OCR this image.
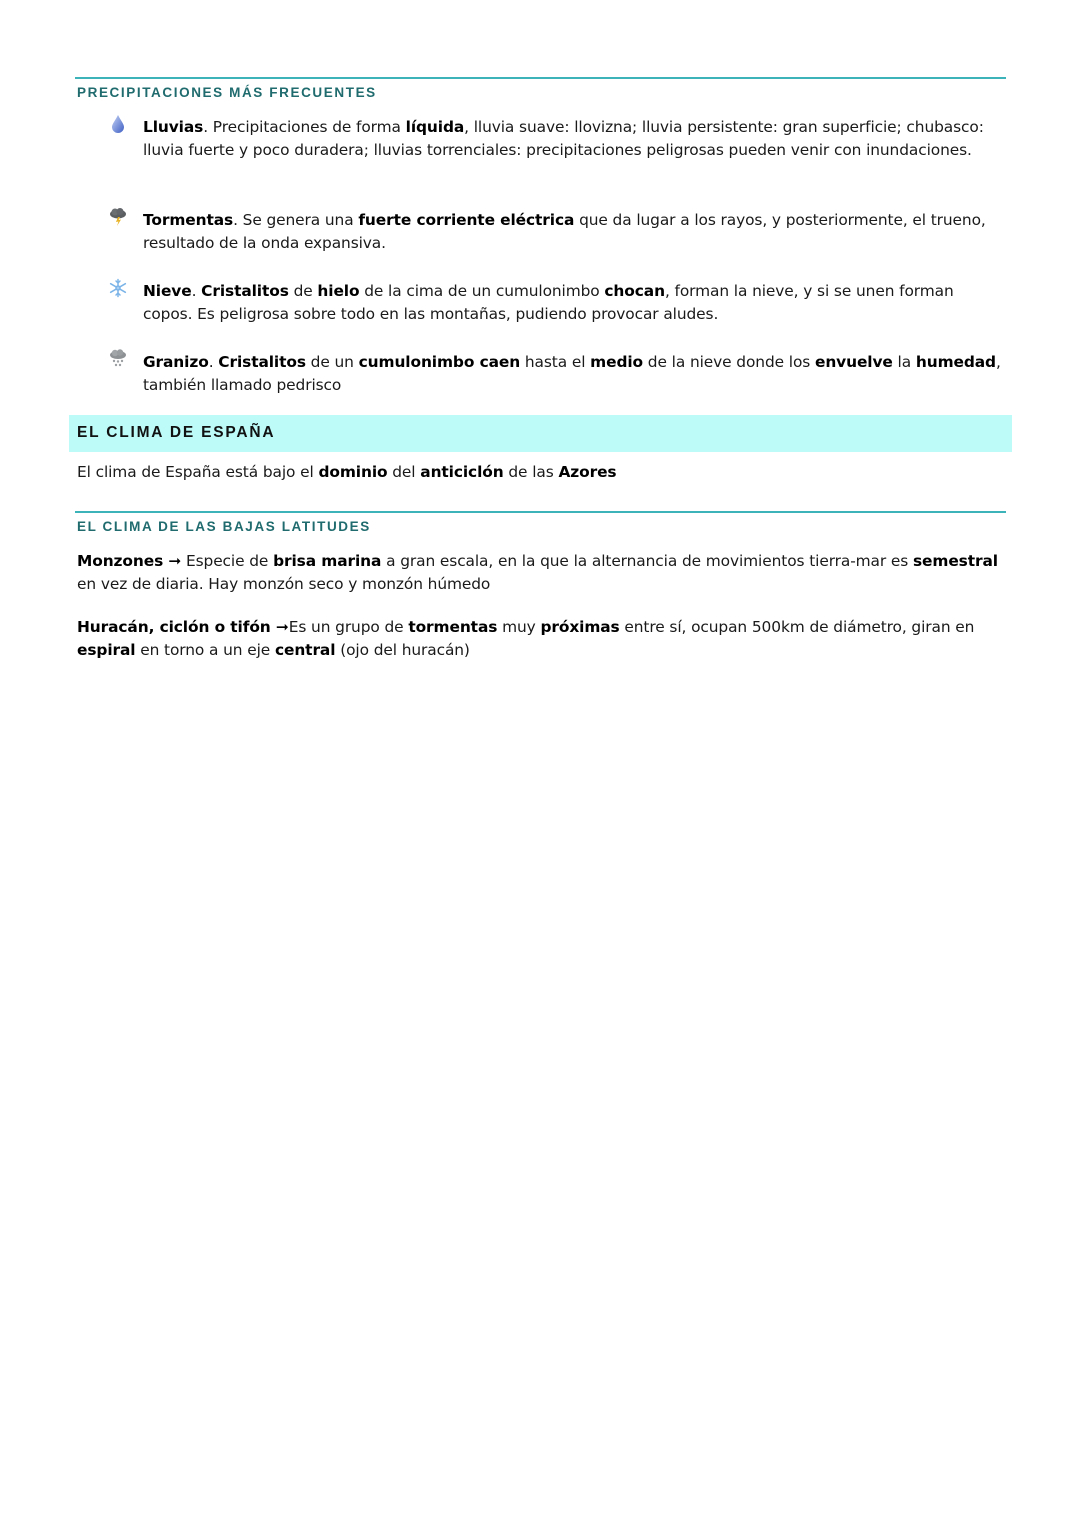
PRECIPITACIONES MÁS FRECUENTES
Lluvias. Precipitaciones de forma líquida, lluvia suave: llovizna; lluvia persistente: gran superficie; chubasco: lluvia fuerte y poco duradera; lluvias torrenciales: precipitaciones peligrosas pueden venir con inundaciones.
Tormentas. Se genera una fuerte corriente eléctrica que da lugar a los rayos, y posteriormente, el trueno, resultado de la onda expansiva.
Nieve. Cristalitos de hielo de la cima de un cumulonimbo chocan, forman la nieve, y si se unen forman copos. Es peligrosa sobre todo en las montañas, pudiendo provocar aludes.
Granizo. Cristalitos de un cumulonimbo caen hasta el medio de la nieve donde los envuelve la humedad, también llamado pedrisco
EL CLIMA DE ESPAÑA
El clima de España está bajo el dominio del anticiclón de las Azores
EL CLIMA DE LAS BAJAS LATITUDES
Monzones ➞ Especie de brisa marina a gran escala, en la que la alternancia de movimientos tierra-mar es semestral en vez de diaria. Hay monzón seco y monzón húmedo
Huracán, ciclón o tifón ➞Es un grupo de tormentas muy próximas entre sí, ocupan 500km de diámetro, giran en espiral en torno a un eje central (ojo del huracán)
